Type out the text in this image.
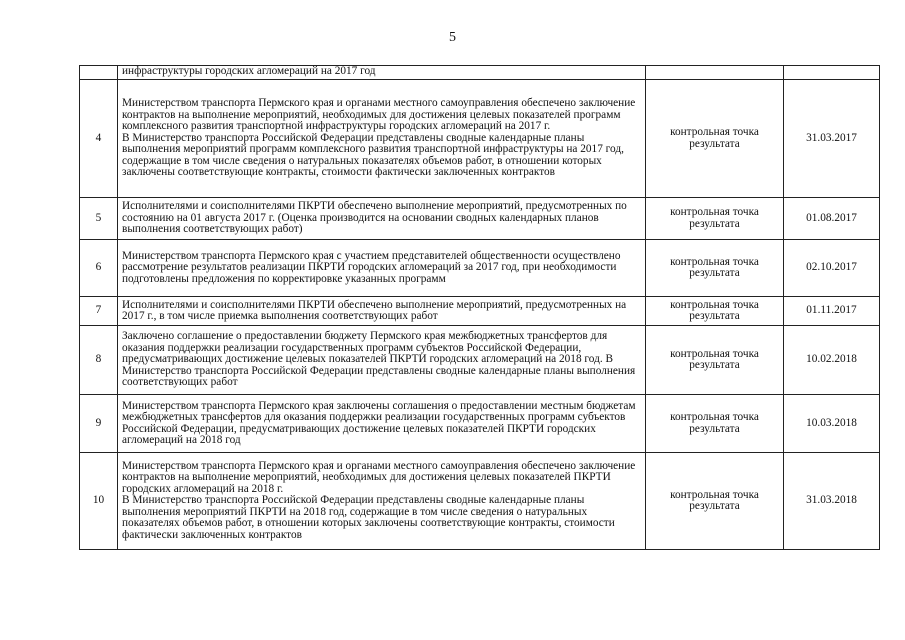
5
	инфраструктуры городских агломераций на 2017 год		
4	Министерством транспорта Пермского края и органами местного самоуправления обеспечено заключение контрактов на выполнение мероприятий, необходимых для достижения целевых показателей программ комплексного развития транспортной инфраструктуры городских агломераций на 2017 г.
В Министерство транспорта Российской Федерации представлены сводные календарные планы выполнения мероприятий программ комплексного развития транспортной инфраструктуры на 2017 год, содержащие в том числе сведения о натуральных показателях объемов работ, в отношении которых заключены соответствующие контракты, стоимости фактически заключенных контрактов	контрольная точка результата	31.03.2017
5	Исполнителями и соисполнителями ПКРТИ обеспечено выполнение мероприятий, предусмотренных по состоянию на 01 августа 2017 г. (Оценка производится на основании сводных календарных планов выполнения соответствующих работ)	контрольная точка результата	01.08.2017
6	Министерством транспорта Пермского края с участием представителей общественности осуществлено рассмотрение результатов реализации ПКРТИ городских агломераций за 2017 год, при необходимости подготовлены предложения по корректировке указанных программ	контрольная точка результата	02.10.2017
7	Исполнителями и соисполнителями ПКРТИ обеспечено выполнение мероприятий, предусмотренных на 2017 г., в том числе приемка выполнения соответствующих работ	контрольная точка результата	01.11.2017
8	Заключено соглашение о предоставлении бюджету Пермского края межбюджетных трансфертов для оказания поддержки реализации государственных программ субъектов Российской Федерации, предусматривающих достижение целевых показателей ПКРТИ городских агломераций на 2018 год. В Министерство транспорта Российской Федерации представлены сводные календарные планы выполнения соответствующих работ	контрольная точка результата	10.02.2018
9	Министерством транспорта Пермского края заключены соглашения о предоставлении местным бюджетам межбюджетных трансфертов для оказания поддержки реализации государственных программ субъектов Российской Федерации, предусматривающих достижение целевых показателей ПКРТИ городских агломераций на 2018 год	контрольная точка результата	10.03.2018
10	Министерством транспорта Пермского края и органами местного самоуправления обеспечено заключение контрактов на выполнение мероприятий, необходимых для достижения целевых показателей ПКРТИ городских агломераций на 2018 г.
В Министерство транспорта Российской Федерации представлены сводные календарные планы выполнения мероприятий ПКРТИ на 2018 год, содержащие в том числе сведения о натуральных показателях объемов работ, в отношении которых заключены соответствующие контракты, стоимости фактически заключенных контрактов	контрольная точка результата	31.03.2018
